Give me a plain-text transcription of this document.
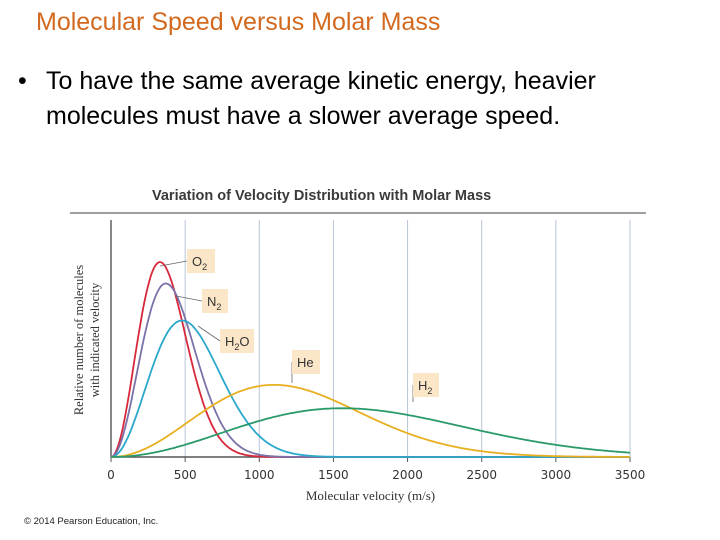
Molecular Speed versus Molar Mass
• To have the same average kinetic energy, heavier molecules must have a slower average speed.
Variation of Velocity Distribution with Molar Mass
0	500	1000	1500	2000	2500	3000	3500
Molecular velocity (m/s)
Relative number of molecules with indicated velocity
$O_2$
$N_2$
$H_2O$
He
$H_2$
© 2014 Pearson Education, Inc.
